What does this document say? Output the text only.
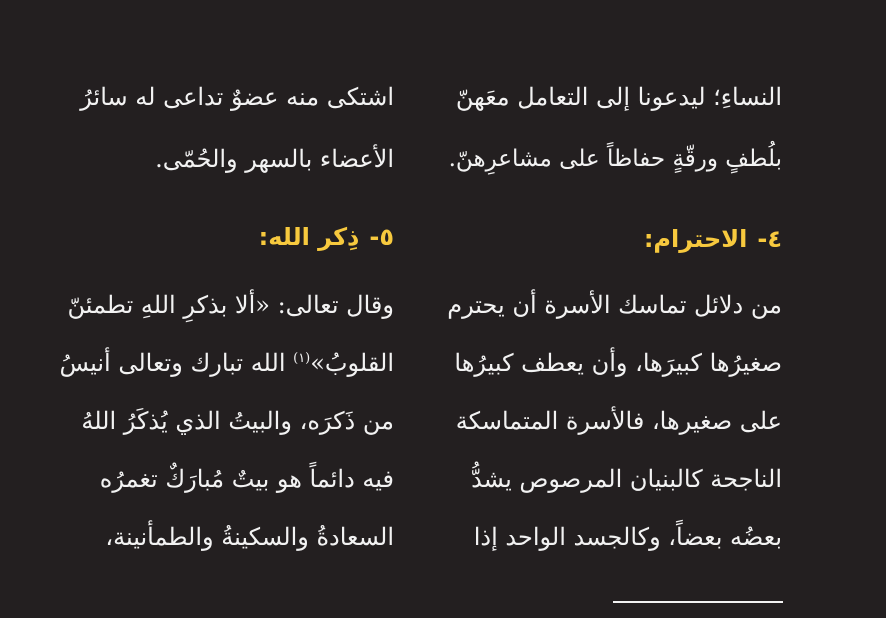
النساءِ؛ ليدعونا إلى التعامل معَهنّ
بلُطفٍ ورقّةٍ حفاظاً على مشاعرِهنّ.
٤-الاحترام:
من دلائل تماسك الأسرة أن يحترم
صغيرُها كبيرَها، وأن يعطف كبيرُها
على صغيرها، فالأسرة المتماسكة
الناجحة كالبنيان المرصوص يشدُّ
بعضُه بعضاً، وكالجسد الواحد إذا
اشتكى منه عضوٌ تداعى له سائرُ
الأعضاء بالسهر والحُمّى.
٥-ذِكر الله:
وقال تعالى: «ألا بذكرِ اللهِ تطمئنّ
القلوبُ»$^{(١)}$ الله تبارك وتعالى أنيسُ
من ذَكرَه، والبيتُ الذي يُذكَرُ اللهُ
فيه دائماً هو بيتٌ مُبارَكٌ تغمرُه
السعادةُ والسكينةُ والطمأنينة،
